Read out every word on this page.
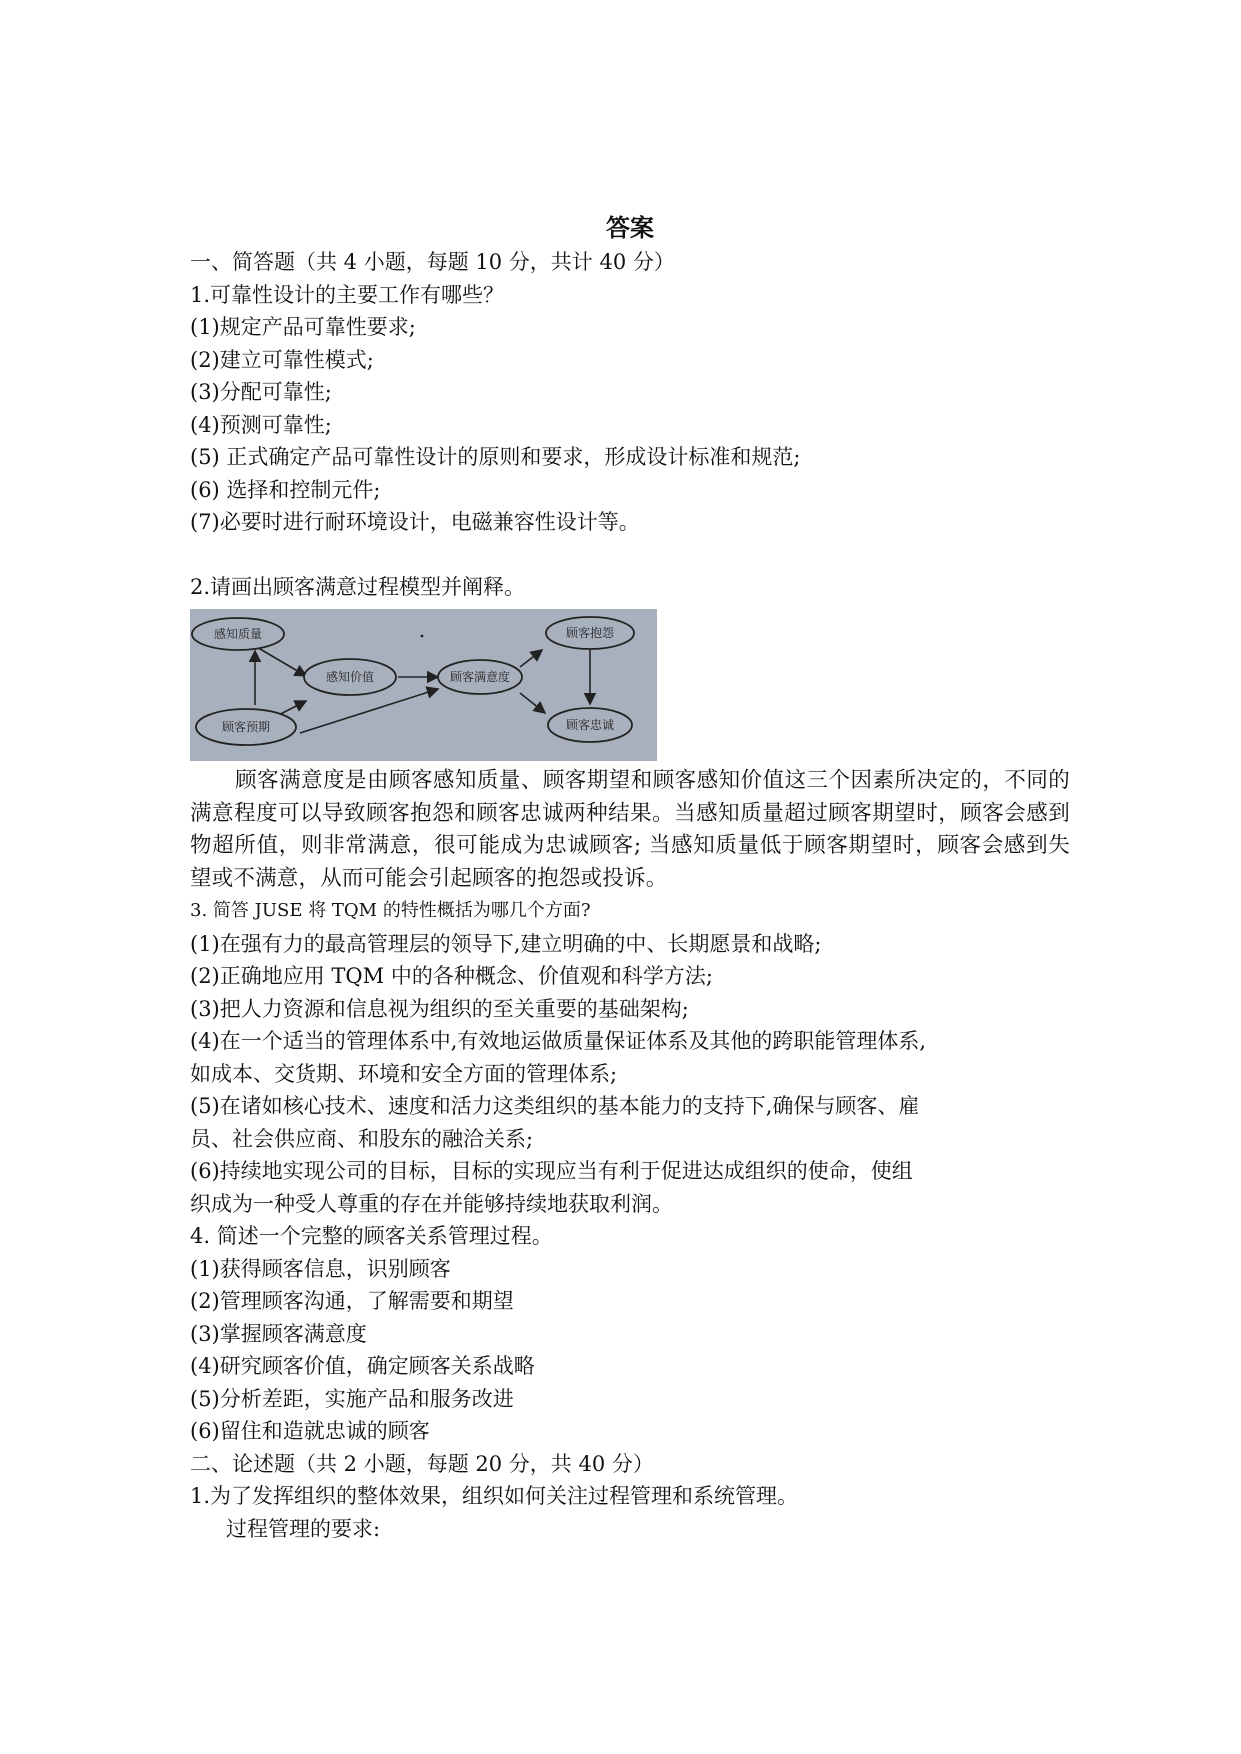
答案
一、简答题（共 4 小题，每题 10 分，共计 40 分）
1.可靠性设计的主要工作有哪些？
(1)规定产品可靠性要求;
(2)建立可靠性模式;
(3)分配可靠性;
(4)预测可靠性;
(5) 正式确定产品可靠性设计的原则和要求，形成设计标准和规范;
(6) 选择和控制元件;
(7)必要时进行耐环境设计，电磁兼容性设计等。
2.请画出顾客满意过程模型并阐释。
感知质量
感知价值	顾客满意度
顾客抱怨
顾客预期	顾客忠诚
顾客满意度是由顾客感知质量、顾客期望和顾客感知价值这三个因素所决定的，不同的满意程度可以导致顾客抱怨和顾客忠诚两种结果。当感知质量超过顾客期望时，顾客会感到物超所值，则非常满意，很可能成为忠诚顾客; 当感知质量低于顾客期望时，顾客会感到失望或不满意，从而可能会引起顾客的抱怨或投诉。
3. 简答 JUSE 将 TQM 的特性概括为哪几个方面?
(1)在强有力的最高管理层的领导下,建立明确的中、长期愿景和战略;
(2)正确地应用 TQM 中的各种概念、价值观和科学方法;
(3)把人力资源和信息视为组织的至关重要的基础架构;
(4)在一个适当的管理体系中,有效地运做质量保证体系及其他的跨职能管理体系,
如成本、交货期、环境和安全方面的管理体系;
(5)在诸如核心技术、速度和活力这类组织的基本能力的支持下,确保与顾客、雇
员、社会供应商、和股东的融洽关系;
(6)持续地实现公司的目标，目标的实现应当有利于促进达成组织的使命，使组
织成为一种受人尊重的存在并能够持续地获取利润。
4. 简述一个完整的顾客关系管理过程。
(1)获得顾客信息，识别顾客
(2)管理顾客沟通，了解需要和期望
(3)掌握顾客满意度
(4)研究顾客价值，确定顾客关系战略
(5)分析差距，实施产品和服务改进
(6)留住和造就忠诚的顾客
二、论述题（共 2 小题，每题 20 分，共 40 分）
1.为了发挥组织的整体效果，组织如何关注过程管理和系统管理。
过程管理的要求:
